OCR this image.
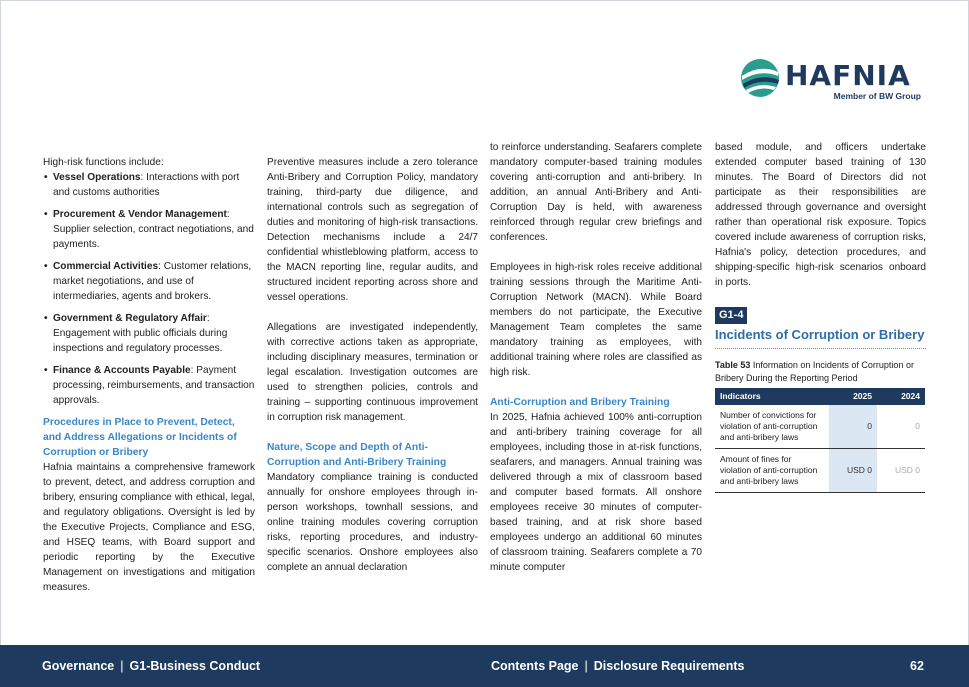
HAFNIA
Member of BW Group

High-risk functions include:

• Vessel Operations: Interactions with port and customs authorities
• Procurement & Vendor Management: Supplier selection, contract negotiations, and payments.
• Commercial Activities: Customer relations, market negotiations, and use of intermediaries, agents and brokers.
• Government & Regulatory Affair: Engagement with public officials during inspections and regulatory processes.
• Finance & Accounts Payable: Payment processing, reimbursements, and transaction approvals.

Procedures in Place to Prevent, Detect, and Address Allegations or Incidents of Corruption or Bribery

Hafnia maintains a comprehensive framework to prevent, detect, and address corruption and bribery, ensuring compliance with ethical, legal, and regulatory obligations. Oversight is led by the Executive Projects, Compliance and ESG, and HSEQ teams, with Board support and periodic reporting by the Executive Management on investigations and mitigation measures.

Preventive measures include a zero tolerance Anti-Bribery and Corruption Policy, mandatory training, third-party due diligence, and international controls such as segregation of duties and monitoring of high-risk transactions. Detection mechanisms include a 24/7 confidential whistleblowing platform, access to the MACN reporting line, regular audits, and structured incident reporting across shore and vessel operations.

Allegations are investigated independently, with corrective actions taken as appropriate, including disciplinary measures, termination or legal escalation. Investigation outcomes are used to strengthen policies, controls and training – supporting continuous improvement in corruption risk management.

Nature, Scope and Depth of Anti-Corruption and Anti-Bribery Training

Mandatory compliance training is conducted annually for onshore employees through in-person workshops, townhall sessions, and online training modules covering corruption risks, reporting procedures, and industry-specific scenarios. Onshore employees also complete an annual declaration

to reinforce understanding. Seafarers complete mandatory computer-based training modules covering anti-corruption and anti-bribery. In addition, an annual Anti-Bribery and Anti-Corruption Day is held, with awareness reinforced through regular crew briefings and conferences.

Employees in high-risk roles receive additional training sessions through the Maritime Anti-Corruption Network (MACN). While Board members do not participate, the Executive Management Team completes the same mandatory training as employees, with additional training where roles are classified as high risk.

Anti-Corruption and Bribery Training

In 2025, Hafnia achieved 100% anti-corruption and anti-bribery training coverage for all employees, including those in at-risk functions, seafarers, and managers. Annual training was delivered through a mix of classroom based and computer based formats. All onshore employees receive 30 minutes of computer-based training, and at risk shore based employees undergo an additional 60 minutes of classroom training. Seafarers complete a 70 minute computer

based module, and officers undertake extended computer based training of 130 minutes. The Board of Directors did not participate as their responsibilities are addressed through governance and oversight rather than operational risk exposure. Topics covered include awareness of corruption risks, Hafnia's policy, detection procedures, and shipping-specific high-risk scenarios onboard in ports.

G1-4
Incidents of Corruption or Bribery
Table 53 Information on Incidents of Corruption or Bribery During the Reporting Period
Indicators	2025	2024
Number of convictions for violation of anti-corruption and anti-bribery laws	0	0
Amount of fines for violation of anti-corruption and anti-bribery laws	USD 0	USD 0
Governance | G1-Business Conduct	Contents Page | Disclosure Requirements	62
